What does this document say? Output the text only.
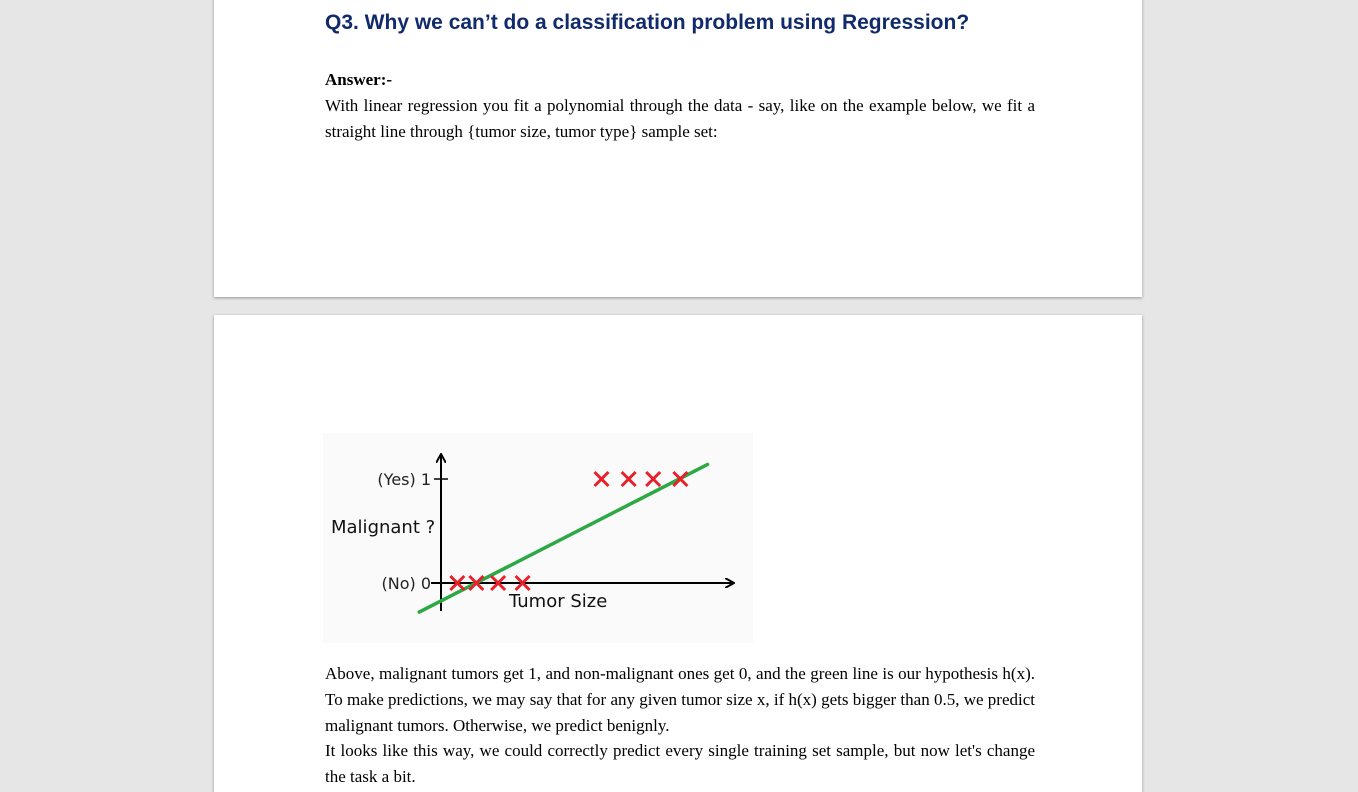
Q3. Why we can’t do a classification problem using Regression?

Answer:-

With linear regression you fit a polynomial through the data - say, like on the example below, we fit a straight line through {tumor size, tumor type} sample set:

(No) 0
(Yes) 1
Malignant ?
Tumor Size

Above, malignant tumors get 1, and non-malignant ones get 0, and the green line is our hypothesis h(x). To make predictions, we may say that for any given tumor size x, if h(x) gets bigger than 0.5, we predict malignant tumors. Otherwise, we predict benignly.

It looks like this way, we could correctly predict every single training set sample, but now let's change the task a bit.
